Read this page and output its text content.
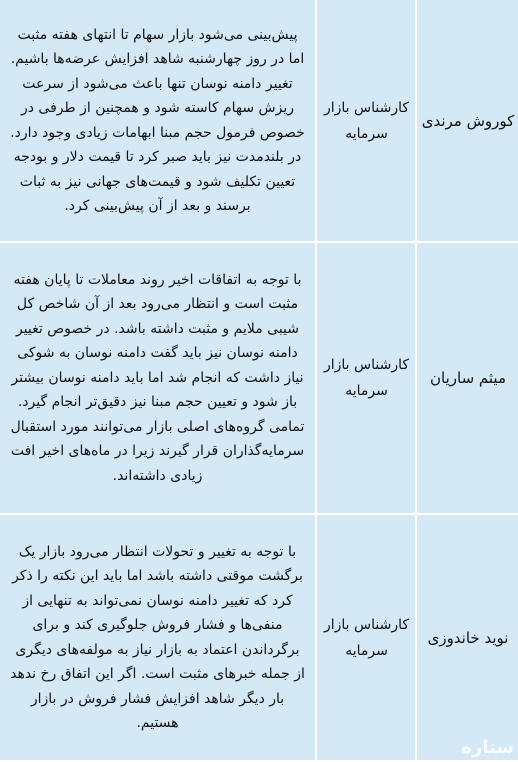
کوروش مرندی
کارشناس بازار سرمایه
پیش‌بینی می‌شود بازار سهام تا انتهای هفته مثبت اما در روز چهارشنبه شاهد افزایش عرضه‌ها باشیم. تغییر دامنه نوسان تنها باعث می‌شود از سرعت ریزش سهام کاسته شود و همچنین از طرفی در خصوص فرمول حجم مبنا ابهامات زیادی وجود دارد. در بلندمدت نیز باید صبر کرد تا قیمت دلار و بودجه تعیین تکلیف شود و قیمت‌های جهانی نیز به ثبات برسند و بعد از آن پیش‌بینی کرد.
میثم ساریان
کارشناس بازار سرمایه
با توجه به اتفاقات اخیر روند معاملات تا پایان هفته مثبت است و انتظار می‌رود بعد از آن شاخص کل شیبی ملایم و مثبت داشته باشد. در خصوص تغییر دامنه نوسان نیز باید گفت دامنه نوسان به شوکی نیاز داشت که انجام شد اما باید دامنه نوسان بیشتر باز شود و تعیین حجم مبنا نیز دقیق‌تر انجام گیرد. تمامی گروه‌های اصلی بازار می‌توانند مورد استقبال سرمایه‌گذاران قرار گیرند زیرا در ماه‌های اخیر افت زیادی داشته‌اند.
نوید خاندوزی
کارشناس بازار سرمایه
با توجه به تغییر و تحولات انتظار می‌رود بازار یک برگشت موقتی داشته باشد اما باید این نکته را ذکر کرد که تغییر دامنه نوسان نمی‌تواند به تنهایی از منفی‌ها و فشار فروش جلوگیری کند و برای برگرداندن اعتماد به بازار نیاز به مولفه‌های دیگری از جمله خبرهای مثبت است. اگر این اتفاق رخ ندهد بار دیگر شاهد افزایش فشار فروش در بازار هستیم.
ستاره
